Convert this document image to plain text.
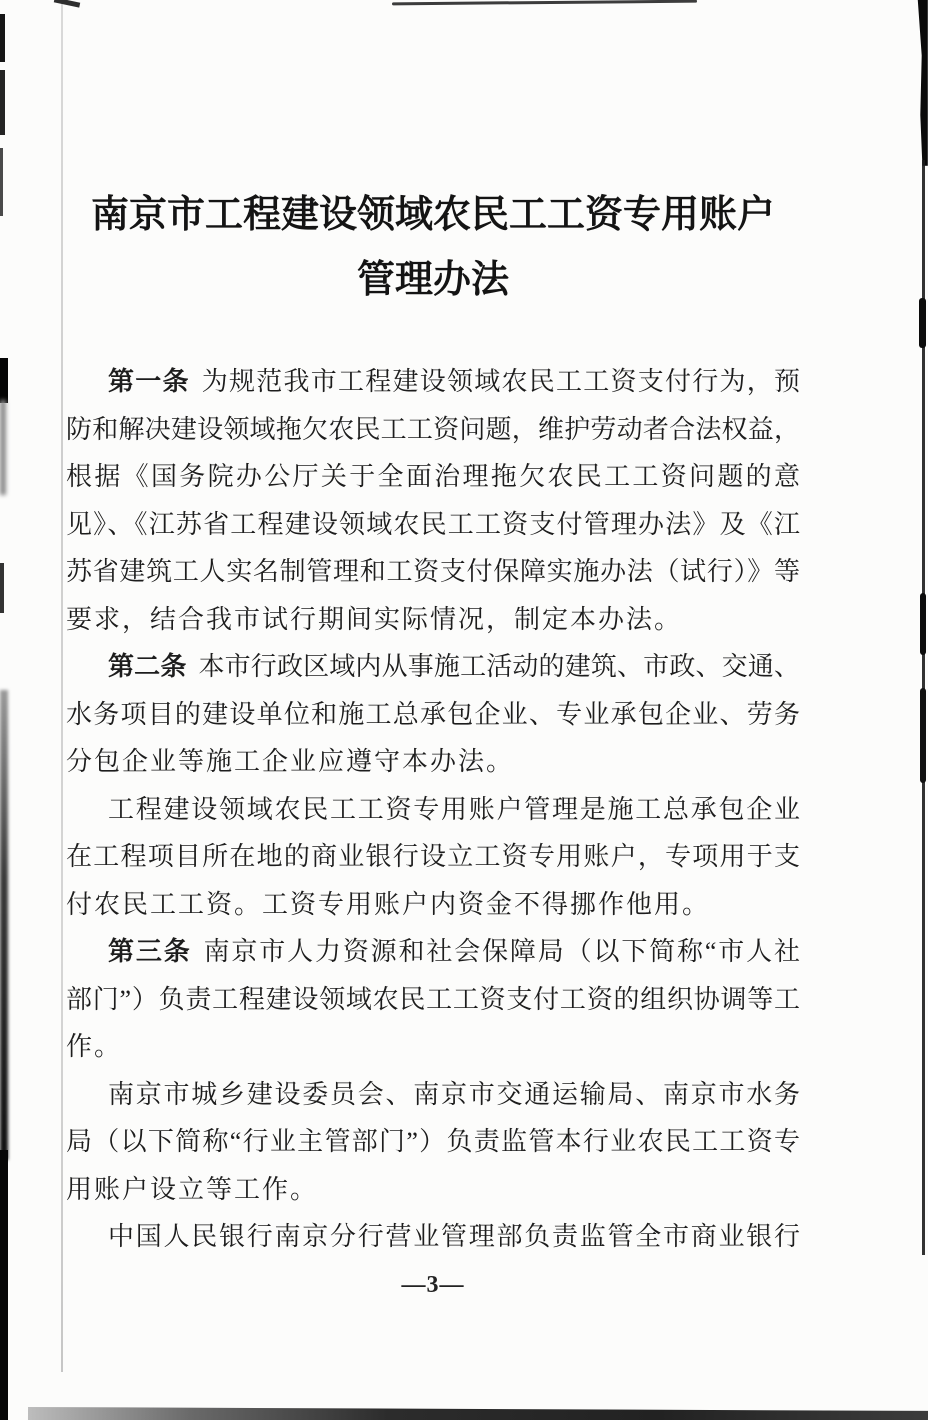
南京市工程建设领域农民工工资专用账户
管理办法
第一条 为规范我市工程建设领域农民工工资支付行为，预
防和解决建设领域拖欠农民工工资问题，维护劳动者合法权益，
根据《国务院办公厅关于全面治理拖欠农民工工资问题的意
见》、《江苏省工程建设领域农民工工资支付管理办法》及《江
苏省建筑工人实名制管理和工资支付保障实施办法（试行）》等
要求，结合我市试行期间实际情况，制定本办法。
第二条 本市行政区域内从事施工活动的建筑、市政、交通、
水务项目的建设单位和施工总承包企业、专业承包企业、劳务
分包企业等施工企业应遵守本办法。
工程建设领域农民工工资专用账户管理是施工总承包企业
在工程项目所在地的商业银行设立工资专用账户，专项用于支
付农民工工资。工资专用账户内资金不得挪作他用。
第三条 南京市人力资源和社会保障局（以下简称“市人社
部门”）负责工程建设领域农民工工资支付工资的组织协调等工
作。
南京市城乡建设委员会、南京市交通运输局、南京市水务
局（以下简称“行业主管部门”）负责监管本行业农民工工资专
用账户设立等工作。
中国人民银行南京分行营业管理部负责监管全市商业银行
—3—
